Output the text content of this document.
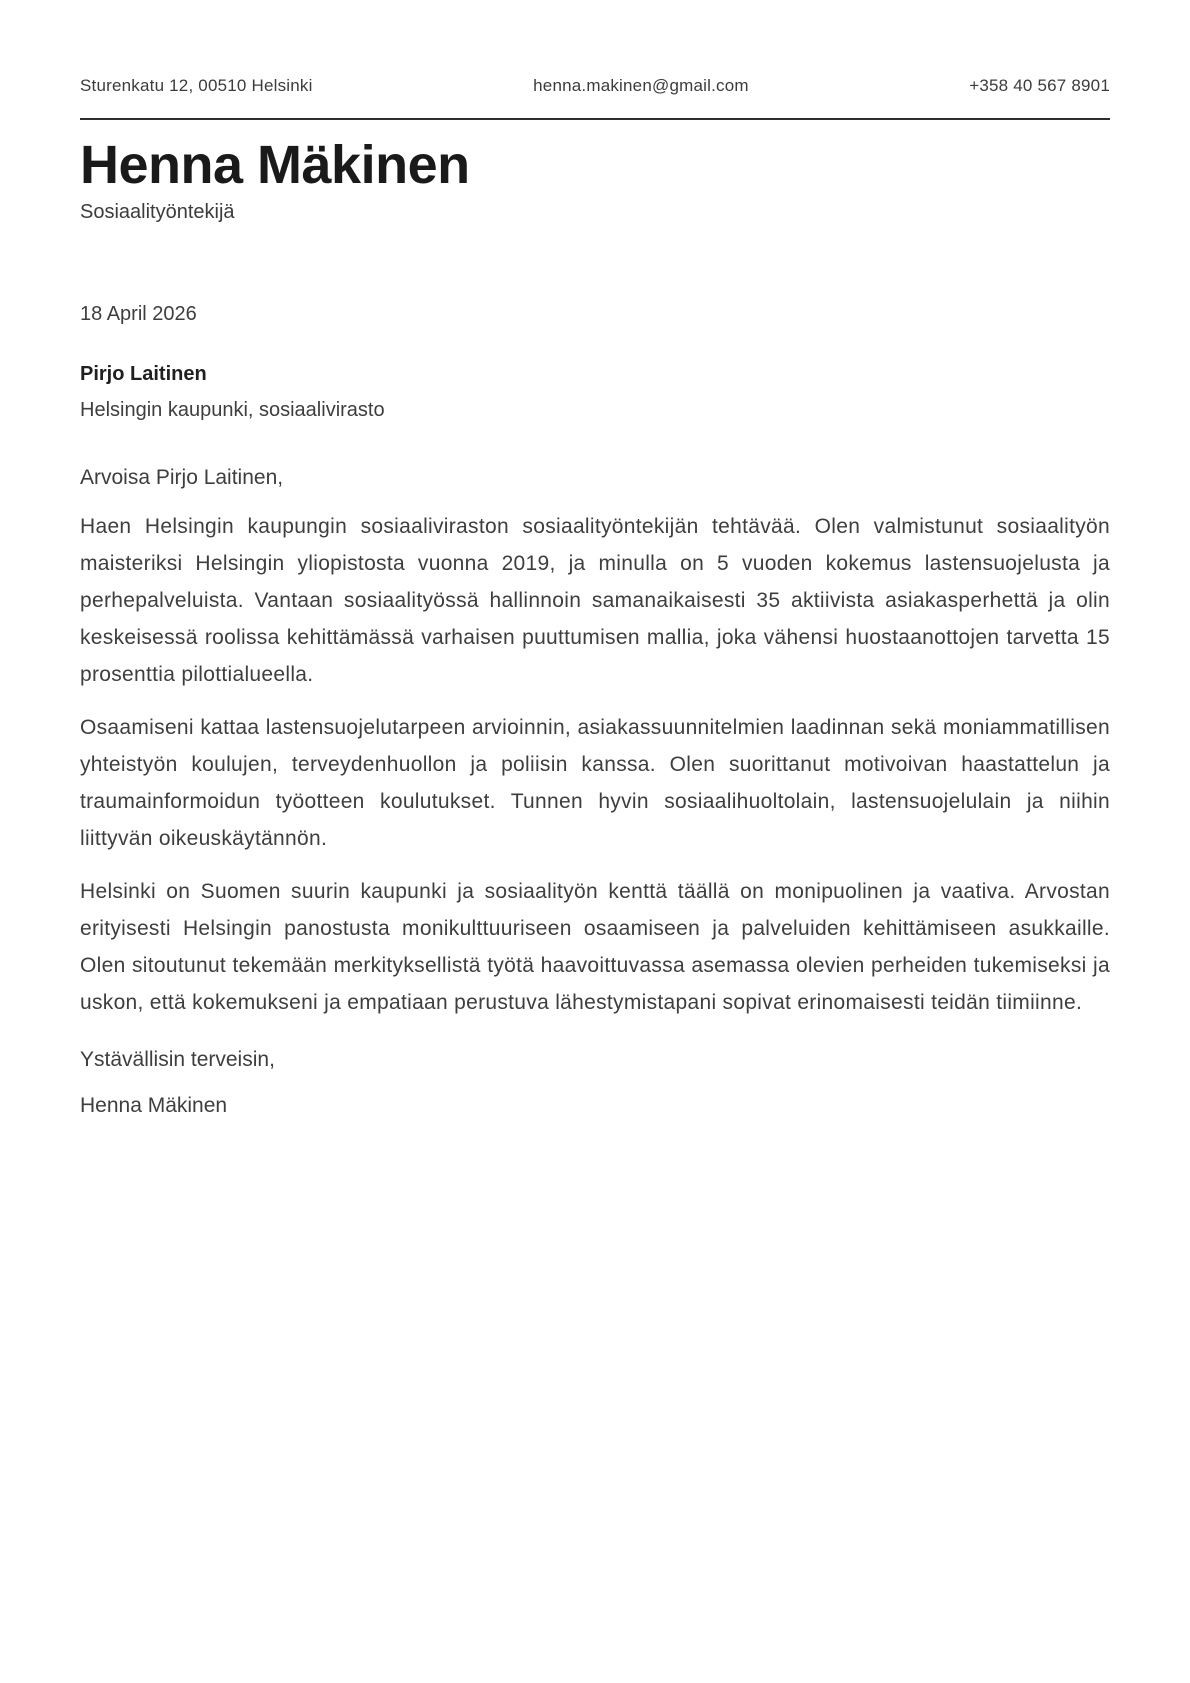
Sturenkatu 12, 00510 Helsinki	henna.makinen@gmail.com	+358 40 567 8901
Henna Mäkinen
Sosiaalityöntekijä
18 April 2026
Pirjo Laitinen
Helsingin kaupunki, sosiaalivirasto
Arvoisa Pirjo Laitinen,

Haen Helsingin kaupungin sosiaaliviraston sosiaalityöntekijän tehtävää. Olen valmistunut sosiaalityön maisteriksi Helsingin yliopistosta vuonna 2019, ja minulla on 5 vuoden kokemus lastensuojelusta ja perhepalveluista. Vantaan sosiaalityössä hallinnoin samanaikaisesti 35 aktiivista asiakasperhettä ja olin keskeisessä roolissa kehittämässä varhaisen puuttumisen mallia, joka vähensi huostaanottojen tarvetta 15 prosenttia pilottialueella.

Osaamiseni kattaa lastensuojelutarpeen arvioinnin, asiakassuunnitelmien laadinnan sekä moniammatillisen yhteistyön koulujen, terveydenhuollon ja poliisin kanssa. Olen suorittanut motivoivan haastattelun ja traumainformoidun työotteen koulutukset. Tunnen hyvin sosiaalihuoltolain, lastensuojelulain ja niihin liittyvän oikeuskäytännön.

Helsinki on Suomen suurin kaupunki ja sosiaalityön kenttä täällä on monipuolinen ja vaativa. Arvostan erityisesti Helsingin panostusta monikulttuuriseen osaamiseen ja palveluiden kehittämiseen asukkaille. Olen sitoutunut tekemään merkityksellistä työtä haavoittuvassa asemassa olevien perheiden tukemiseksi ja uskon, että kokemukseni ja empatiaan perustuva lähestymistapani sopivat erinomaisesti teidän tiimiinne.

Ystävällisin terveisin,
Henna Mäkinen
